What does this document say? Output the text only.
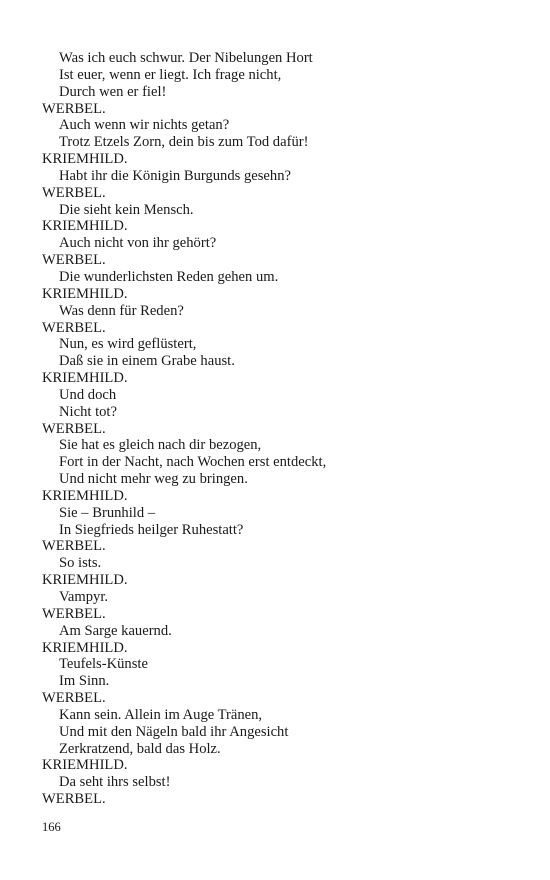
Was ich euch schwur. Der Nibelungen Hort
Ist euer, wenn er liegt. Ich frage nicht,
Durch wen er fiel!
WERBEL.
Auch wenn wir nichts getan?
Trotz Etzels Zorn, dein bis zum Tod dafür!
KRIEMHILD.
Habt ihr die Königin Burgunds gesehn?
WERBEL.
Die sieht kein Mensch.
KRIEMHILD.
Auch nicht von ihr gehört?
WERBEL.
Die wunderlichsten Reden gehen um.
KRIEMHILD.
Was denn für Reden?
WERBEL.
Nun, es wird geflüstert,
Daß sie in einem Grabe haust.
KRIEMHILD.
Und doch
Nicht tot?
WERBEL.
Sie hat es gleich nach dir bezogen,
Fort in der Nacht, nach Wochen erst entdeckt,
Und nicht mehr weg zu bringen.
KRIEMHILD.
Sie – Brunhild –
In Siegfrieds heilger Ruhestatt?
WERBEL.
So ists.
KRIEMHILD.
Vampyr.
WERBEL.
Am Sarge kauernd.
KRIEMHILD.
Teufels-Künste
Im Sinn.
WERBEL.
Kann sein. Allein im Auge Tränen,
Und mit den Nägeln bald ihr Angesicht
Zerkratzend, bald das Holz.
KRIEMHILD.
Da seht ihrs selbst!
WERBEL.
166
